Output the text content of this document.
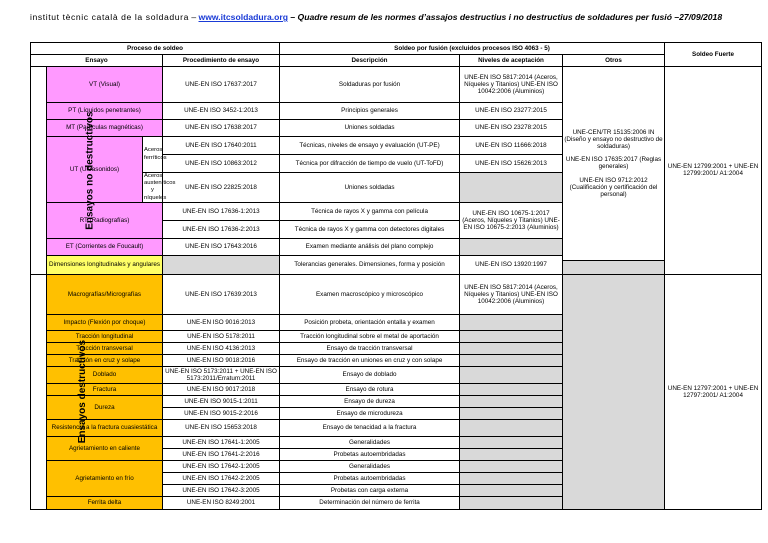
institut tècnic català de la soldadura – www.itcsoldadura.org – Quadre resum de les normes d’assajos destructius i no destructius de soldadures per fusió –27/09/2018
Proceso de soldeo				Soldeo por fusión (excluidos procesos ISO 4063 - 5)			Soldeo Fuerte
Ensayo			Procedimiento de ensayo	Descripción	Niveles de aceptación	Otros	
Ensayos no destructivos	VT (Visual)		UNE-EN ISO 17637:2017	Soldaduras por fusión	UNE-EN ISO 5817:2014 (Aceros, Níqueles y Titanios) UNE-EN ISO 10042:2006 (Aluminios)	UNE-CEN/TR 15135:2006 IN (Diseño y ensayo no destructivo de soldaduras)
UNE-EN ISO 17635:2017 (Reglas generales)
UNE-EN ISO 9712:2012 (Cualificación y certificación del personal)	UNE-EN 12799:2001 + UNE-EN 12799:2001/ A1:2004
	PT (Líquidos penetrantes)		UNE-EN ISO 3452-1:2013	Principios generales	UNE-EN ISO 23277:2015		
	MT (Partículas magnéticas)		UNE-EN ISO 17638:2017	Uniones soldadas	UNE-EN ISO 23278:2015		
	UT (Ultrasonidos)	Aceros ferríticos	UNE-EN ISO 17640:2011	Técnicas, niveles de ensayo y evaluación (UT-PE)	UNE-EN ISO 11666:2018		
			UNE-EN ISO 10863:2012	Técnica por difracción de tiempo de vuelo (UT-ToFD)	UNE-EN ISO 15626:2013		
		Aceros austeníticos y níqueles	UNE-EN ISO 22825:2018	Uniones soldadas			
	RT (Radiografías)		UNE-EN ISO 17636-1:2013	Técnica de rayos X y gamma con película	UNE-EN ISO 10675-1:2017 (Aceros, Níqueles y Titanios) UNE-EN ISO 10675-2:2013 (Aluminios)		
			UNE-EN ISO 17636-2:2013	Técnica de rayos X y gamma con detectores digitales			
	ET (Corrientes de Foucault)		UNE-EN ISO 17643:2016	Examen mediante análisis del plano complejo			
	Dimensiones longitudinales y angulares			Tolerancias generales. Dimensiones, forma y posición	UNE-EN ISO 13920:1997		

Ensayos destructivos	Macrografías/Micrografías		UNE-EN ISO 17639:2013	Examen macroscópico y microscópico	UNE-EN ISO 5817:2014 (Aceros, Níqueles y Titanios) UNE-EN ISO 10042:2006 (Aluminios)		UNE-EN 12797:2001 + UNE-EN 12797:2001/ A1:2004
	Impacto (Flexión por choque)		UNE-EN ISO 9016:2013	Posición probeta, orientación entalla y examen			
	Tracción longitudinal		UNE-EN ISO 5178:2011	Tracción longitudinal sobre el metal de aportación			
	Tracción transversal		UNE-EN ISO 4136:2013	Ensayo de tracción transversal			
	Tracción en cruz y solape		UNE-EN ISO 9018:2016	Ensayo de tracción en uniones en cruz y con solape			
	Doblado		UNE-EN ISO 5173:2011 + UNE-EN ISO 5173:2011/Erratum:2011	Ensayo de doblado			
	Fractura		UNE-EN ISO 9017:2018	Ensayo de rotura			
	Dureza		UNE-EN ISO 9015-1:2011	Ensayo de dureza			
			UNE-EN ISO 9015-2:2016	Ensayo de microdureza			
	Resistencia a la fractura cuasiestática		UNE-EN ISO 15653:2018	Ensayo de tenacidad a la fractura			
	Agrietamiento en caliente		UNE-EN ISO 17641-1:2005	Generalidades			
			UNE-EN ISO 17641-2:2016	Probetas autoembridadas			
	Agrietamiento en frío		UNE-EN ISO 17642-1:2005	Generalidades			
			UNE-EN ISO 17642-2:2005	Probetas autoembridadas			
			UNE-EN ISO 17642-3:2005	Probetas con carga externa			
	Ferrita delta		UNE-EN ISO 8249:2001	Determinación del número de ferrita			
